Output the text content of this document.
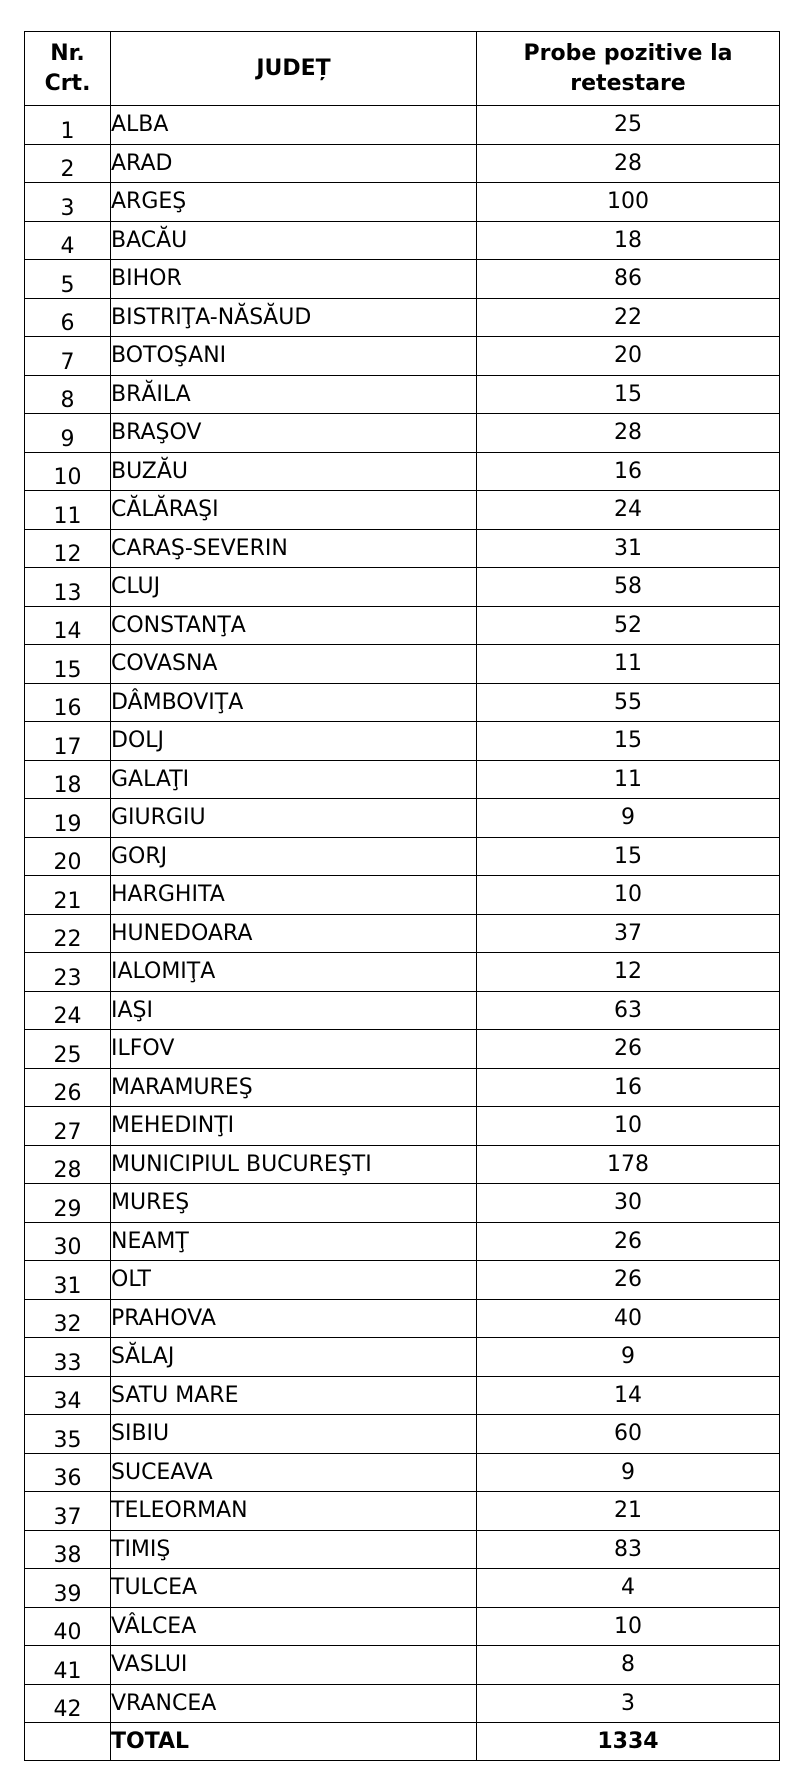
Nr.
Crt.	JUDEȚ	Probe pozitive la
retestare

1	ALBA	25
2	ARAD	28
3	ARGEŞ	100
4	BACĂU	18
5	BIHOR	86
6	BISTRIŢA-NĂSĂUD	22
7	BOTOŞANI	20
8	BRĂILA	15
9	BRAŞOV	28
10	BUZĂU	16
11	CĂLĂRAŞI	24
12	CARAŞ-SEVERIN	31
13	CLUJ	58
14	CONSTANŢA	52
15	COVASNA	11
16	DÂMBOVIŢA	55
17	DOLJ	15
18	GALAŢI	11
19	GIURGIU	9
20	GORJ	15
21	HARGHITA	10
22	HUNEDOARA	37
23	IALOMIŢA	12
24	IAŞI	63
25	ILFOV	26
26	MARAMUREŞ	16
27	MEHEDINŢI	10
28	MUNICIPIUL BUCUREŞTI	178
29	MUREŞ	30
30	NEAMŢ	26
31	OLT	26
32	PRAHOVA	40
33	SĂLAJ	9
34	SATU MARE	14
35	SIBIU	60
36	SUCEAVA	9
37	TELEORMAN	21
38	TIMIŞ	83
39	TULCEA	4
40	VÂLCEA	10
41	VASLUI	8
42	VRANCEA	3
	TOTAL	1334
